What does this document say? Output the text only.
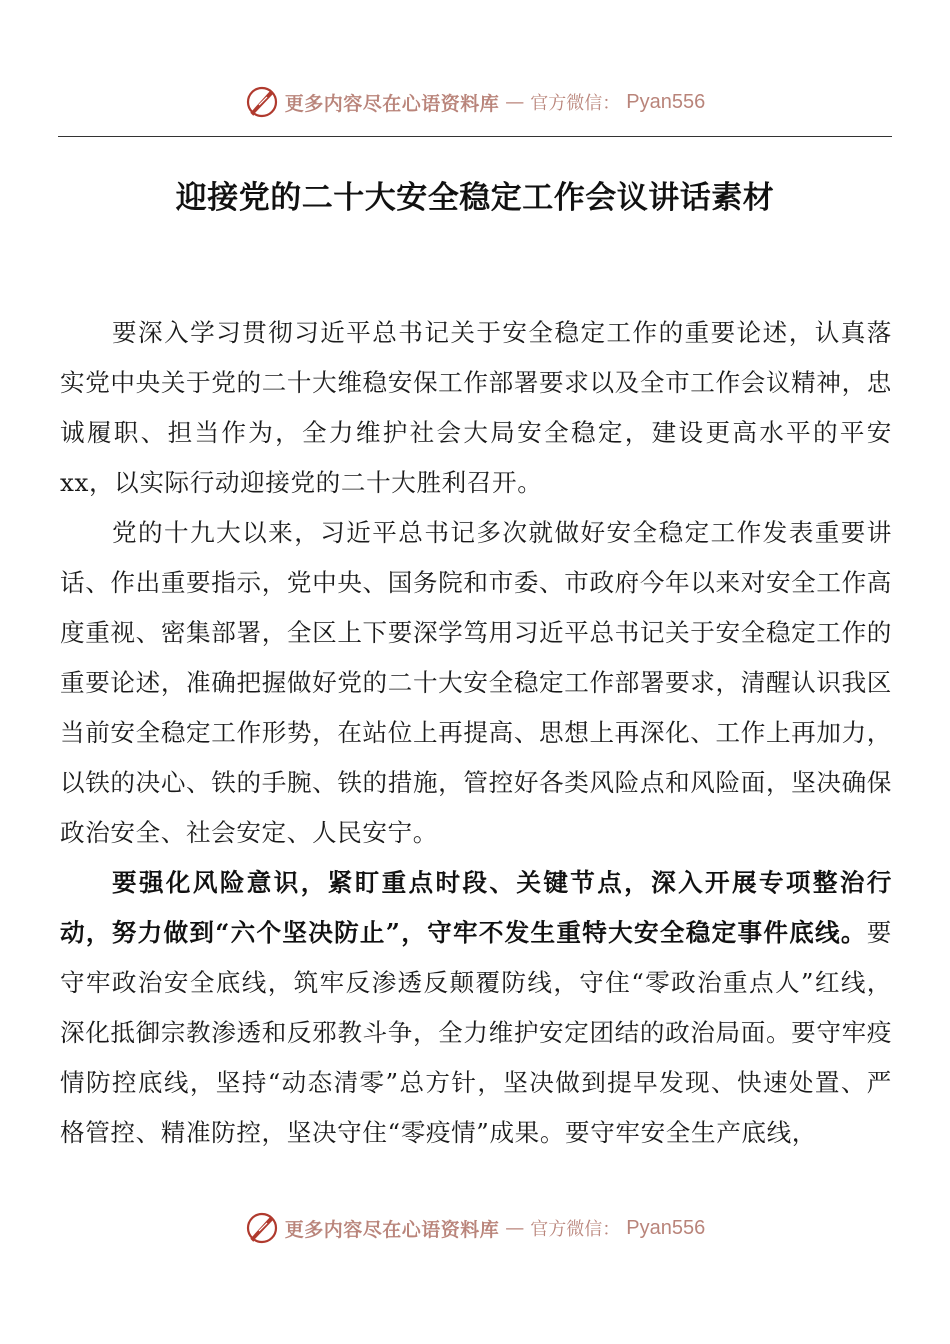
更多内容尽在心语资料库 — 官方微信： Pyan556
迎接党的二十大安全稳定工作会议讲话素材

要深入学习贯彻习近平总书记关于安全稳定工作的重要论述，认真落实党中央关于党的二十大维稳安保工作部署要求以及全市工作会议精神，忠诚履职、担当作为，全力维护社会大局安全稳定，建设更高水平的平安xx，以实际行动迎接党的二十大胜利召开。

党的十九大以来，习近平总书记多次就做好安全稳定工作发表重要讲话、作出重要指示，党中央、国务院和市委、市政府今年以来对安全工作高度重视、密集部署，全区上下要深学笃用习近平总书记关于安全稳定工作的重要论述，准确把握做好党的二十大安全稳定工作部署要求，清醒认识我区当前安全稳定工作形势，在站位上再提高、思想上再深化、工作上再加力，以铁的决心、铁的手腕、铁的措施，管控好各类风险点和风险面，坚决确保政治安全、社会安定、人民安宁。

要强化风险意识，紧盯重点时段、关键节点，深入开展专项整治行动，努力做到“六个坚决防止”，守牢不发生重特大安全稳定事件底线。要守牢政治安全底线，筑牢反渗透反颠覆防线，守住“零政治重点人”红线，深化抵御宗教渗透和反邪教斗争，全力维护安定团结的政治局面。要守牢疫情防控底线，坚持“动态清零”总方针，坚决做到提早发现、快速处置、严格管控、精准防控，坚决守住“零疫情”成果。要守牢安全生产底线，

更多内容尽在心语资料库 — 官方微信： Pyan556
